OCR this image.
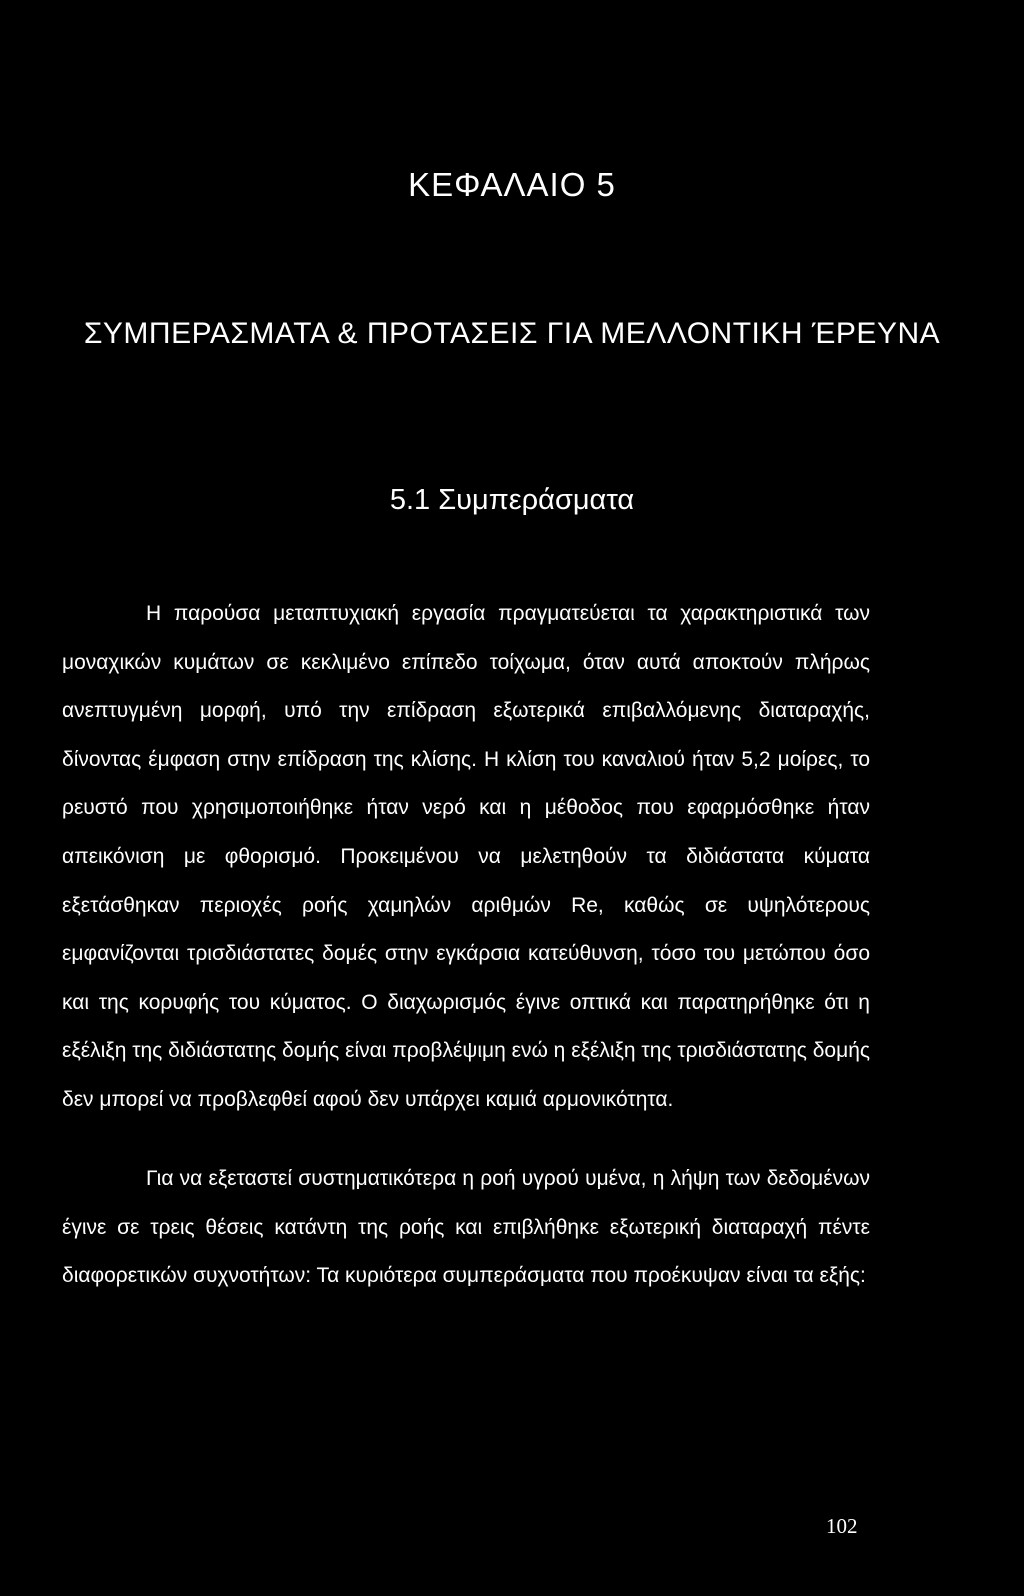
ΚΕΦΑΛΑΙΟ 5
ΣΥΜΠΕΡΑΣΜΑΤΑ & ΠΡΟΤΑΣΕΙΣ ΓΙΑ ΜΕΛΛΟΝΤΙΚΗ ΈΡΕΥΝΑ
5.1 Συμπεράσματα

Η παρούσα μεταπτυχιακή εργασία πραγματεύεται τα χαρακτηριστικά των μοναχικών κυμάτων σε κεκλιμένο επίπεδο τοίχωμα, όταν αυτά αποκτούν πλήρως ανεπτυγμένη μορφή, υπό την επίδραση εξωτερικά επιβαλλόμενης διαταραχής, δίνοντας έμφαση στην επίδραση της κλίσης. Η κλίση του καναλιού ήταν 5,2 μοίρες, το ρευστό που χρησιμοποιήθηκε ήταν νερό και η μέθοδος που εφαρμόσθηκε ήταν απεικόνιση με φθορισμό. Προκειμένου να μελετηθούν τα διδιάστατα κύματα εξετάσθηκαν περιοχές ροής χαμηλών αριθμών Re, καθώς σε υψηλότερους εμφανίζονται τρισδιάστατες δομές στην εγκάρσια κατεύθυνση, τόσο του μετώπου όσο και της κορυφής του κύματος. Ο διαχωρισμός έγινε οπτικά και παρατηρήθηκε ότι η εξέλιξη της διδιάστατης δομής είναι προβλέψιμη ενώ η εξέλιξη της τρισδιάστατης δομής δεν μπορεί να προβλεφθεί αφού δεν υπάρχει καμιά αρμονικότητα.

Για να εξεταστεί συστηματικότερα η ροή υγρού υμένα, η λήψη των δεδομένων έγινε σε τρεις θέσεις κατάντη της ροής και επιβλήθηκε εξωτερική διαταραχή πέντε διαφορετικών συχνοτήτων: Τα κυριότερα συμπεράσματα που προέκυψαν είναι τα εξής:

102
